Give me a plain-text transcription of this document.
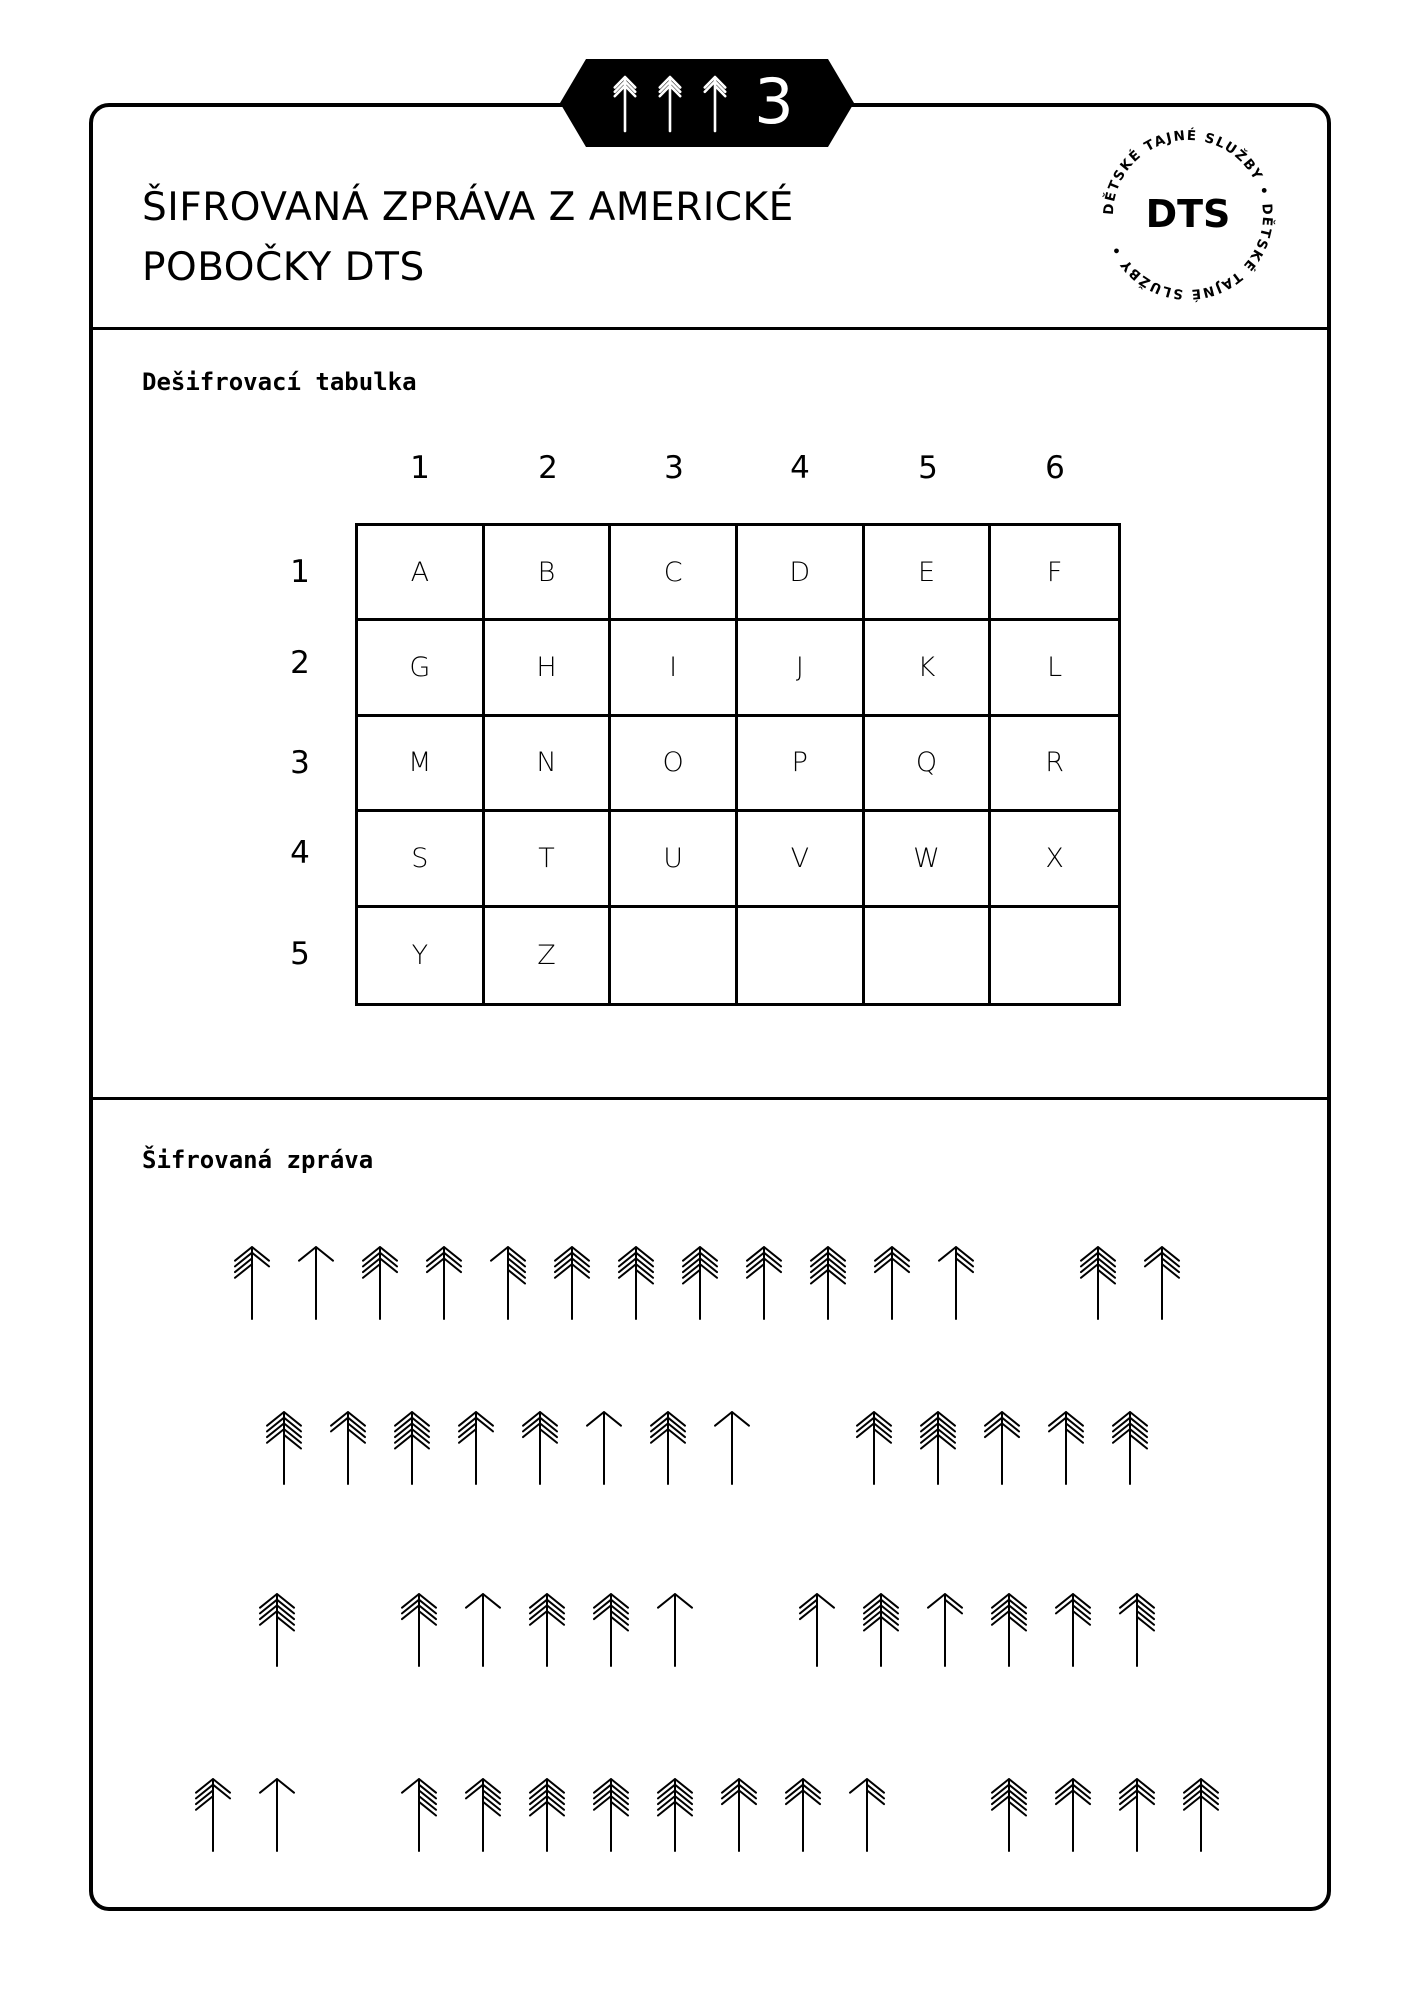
3
ŠIFROVANÁ ZPRÁVA Z AMERICKÉ
POBOČKY DTS
DĚTSKÉ TAJNÉ SLUŽBY • DĚTSKÉ TAJNÉ SLUŽBY •
DTS

Dešifrovací tabulka

1	2	3	4	5	6
1
2
3
4
5
A	B	C	D	E	F
G	H	I	J	K	L
M	N	O	P	Q	R
S	T	U	V	W	X
Y	Z

Šifrovaná zpráva
